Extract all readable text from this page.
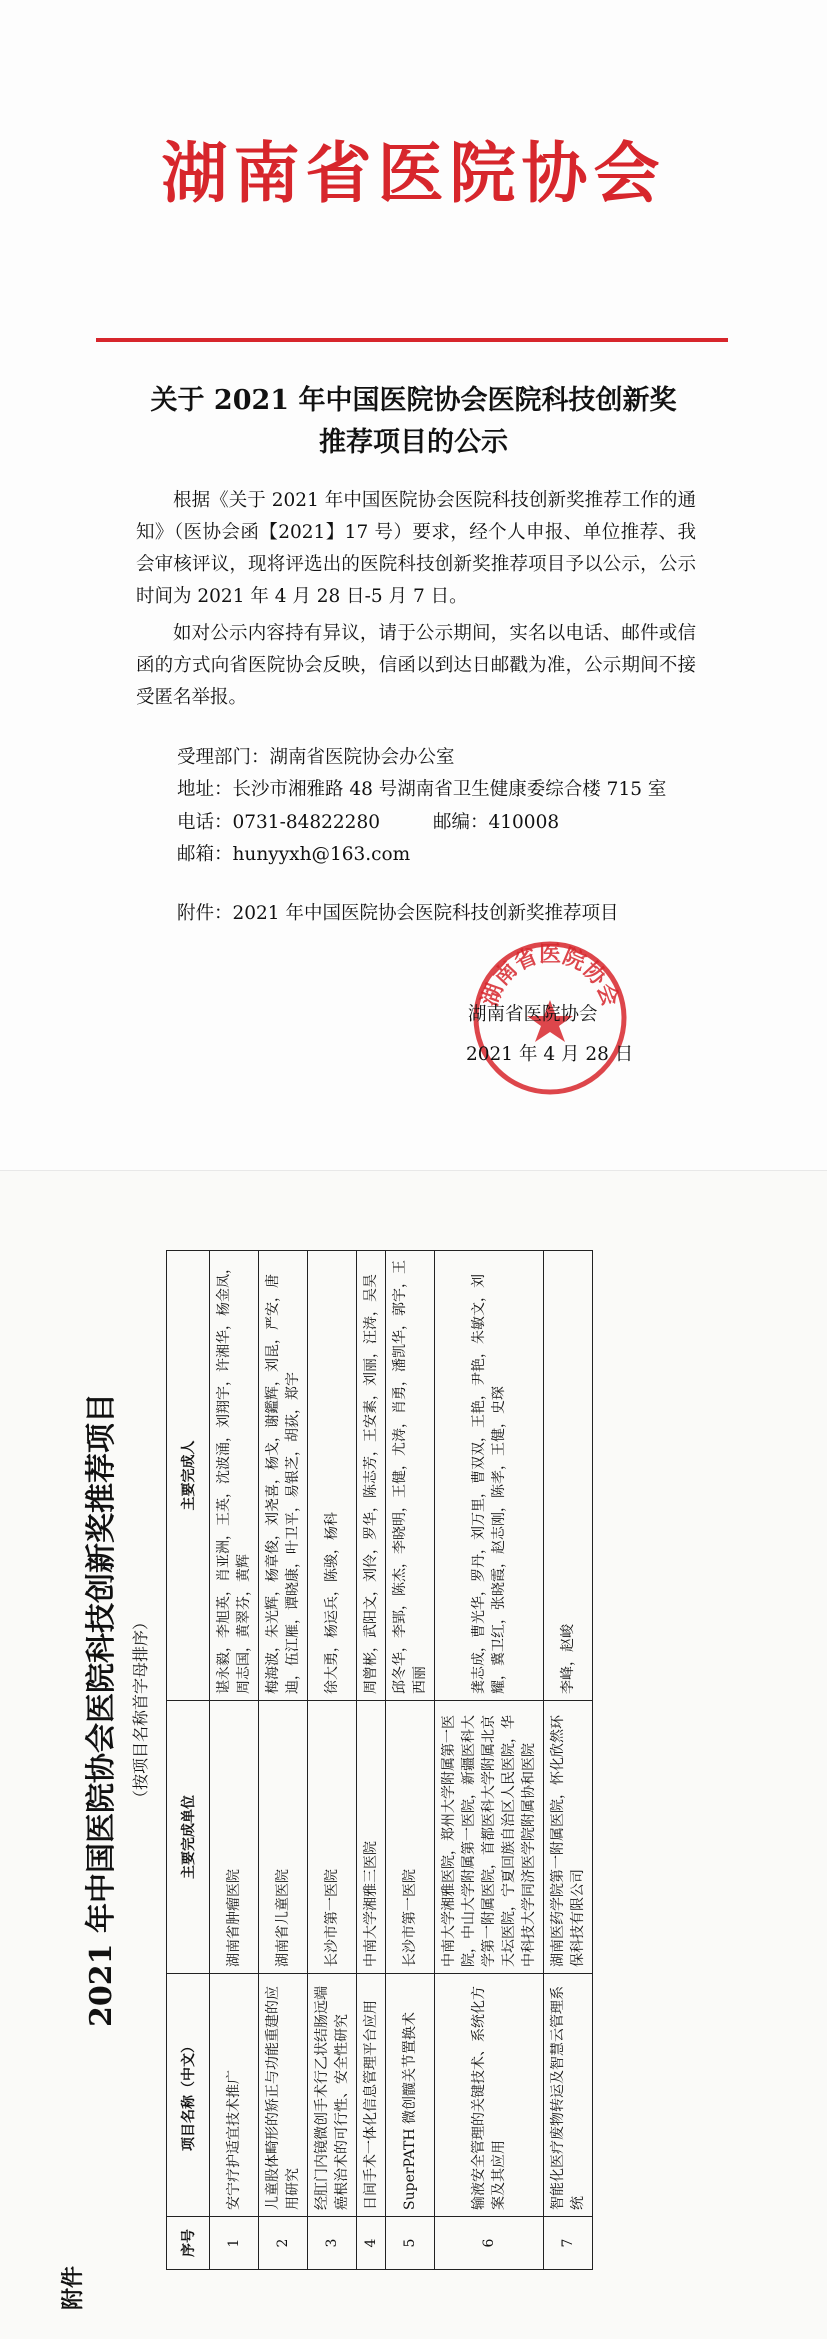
湖南省医院协会
关于 2021 年中国医院协会医院科技创新奖
推荐项目的公示
根据《关于 2021 年中国医院协会医院科技创新奖推荐工作的通知》（医协会函【2021】17 号）要求，经个人申报、单位推荐、我会审核评议，现将评选出的医院科技创新奖推荐项目予以公示，公示时间为 2021 年 4 月 28 日-5 月 7 日。
如对公示内容持有异议，请于公示期间，实名以电话、邮件或信函的方式向省医院协会反映，信函以到达日邮戳为准，公示期间不接受匿名举报。
受理部门：湖南省医院协会办公室
地址：长沙市湘雅路 48 号湖南省卫生健康委综合楼 715 室
电话：0731-84822280	邮编：410008
邮箱：hunyyxh@163.com
附件：2021 年中国医院协会医院科技创新奖推荐项目
湖南省医院协会
湖南省医院协会
2021 年 4 月 28 日
附件
2021 年中国医院协会医院科技创新奖推荐项目 （按项目名称首字母排序）
序号	项目名称（中文）	主要完成单位	主要完成人
1	安宁疗护适宜技术推广	湖南省肿瘤医院	谌永毅，李旭英，肖亚洲，王英，沈波涌，刘翔宇，许湘华，杨金凤，周志国，黄翠芬，黄辉
2	儿童股体畸形的矫正与功能重建的应用研究	湖南省儿童医院	梅海波，朱光辉，杨章俊，刘尧喜，杨戈，谢鑑辉，刘昆，严安，唐迪，伍江雁，谭晓康，叶卫平，易银芝，胡荻，郑宇
3	经肛门内镜微创手术行乙状结肠远端癌根治术的可行性、安全性研究	长沙市第一医院	徐大勇，杨运兵，陈骏，杨科
4	日间手术一体化信息管理平台应用	中南大学湘雅三医院	周曾彬，武阳文，刘伶，罗华，陈志芳，王安素，刘丽，汪涛，吴昊
5	SuperPATH 微创髋关节置换术	长沙市第一医院	邱冬华，李郢，陈杰，李晓明，王健，尤涛，肖勇，潘凯华，郭宇，王西丽
6	输液安全管理的关键技术、系统化方案及其应用	中南大学湘雅医院，郑州大学附属第一医院，中山大学附属第一医院，新疆医科大学第一附属医院，首都医科大学附属北京天坛医院，宁夏回族自治区人民医院，华中科技大学同济医学院附属协和医院	龚志成，曹光华，罗丹，刘万里，曹双双，王艳，尹艳，朱敏文，刘耀，冀卫红，张晓霞，赵志刚，陈孝，王健，史琛
7	智能化医疗废物转运及智慧云管理系统	湖南医药学院第一附属医院，怀化欣然环保科技有限公司	李峰，赵峻
